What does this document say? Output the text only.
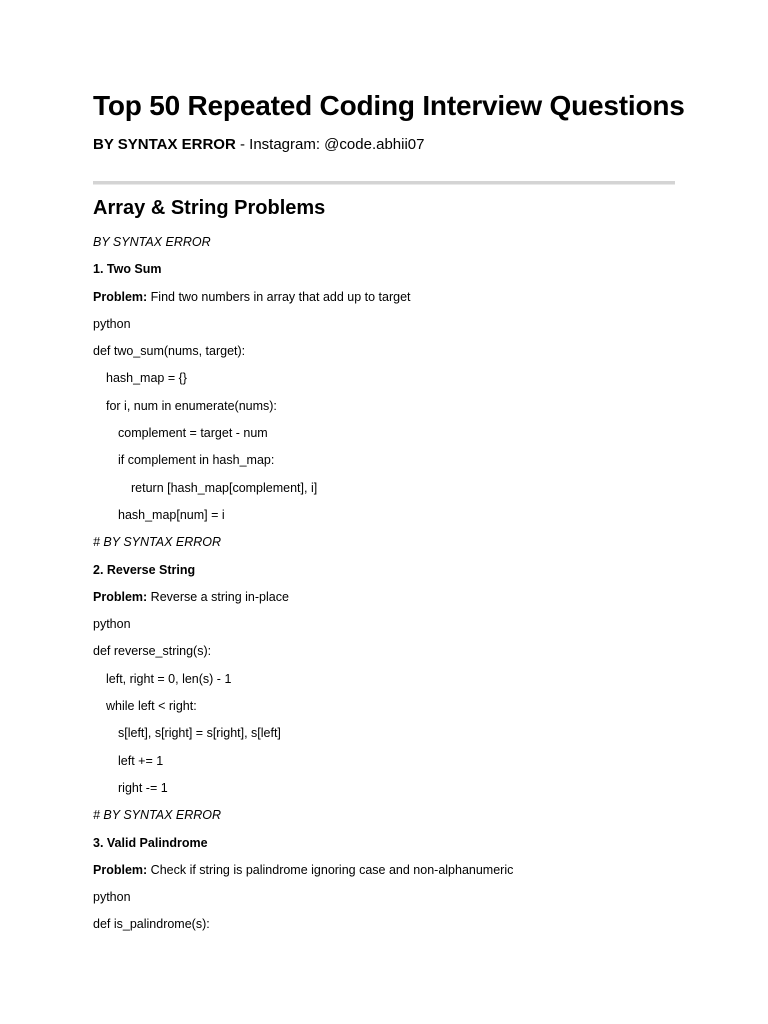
Top 50 Repeated Coding Interview Questions
BY SYNTAX ERROR - Instagram: @code.abhii07
Array & String Problems
BY SYNTAX ERROR
1. Two Sum
Problem: Find two numbers in array that add up to target
python
def two_sum(nums, target):
hash_map = {}
for i, num in enumerate(nums):
complement = target - num
if complement in hash_map:
return [hash_map[complement], i]
hash_map[num] = i
# BY SYNTAX ERROR
2. Reverse String
Problem: Reverse a string in-place
python
def reverse_string(s):
left, right = 0, len(s) - 1
while left < right:
s[left], s[right] = s[right], s[left]
left += 1
right -= 1
# BY SYNTAX ERROR
3. Valid Palindrome
Problem: Check if string is palindrome ignoring case and non-alphanumeric
python
def is_palindrome(s):
